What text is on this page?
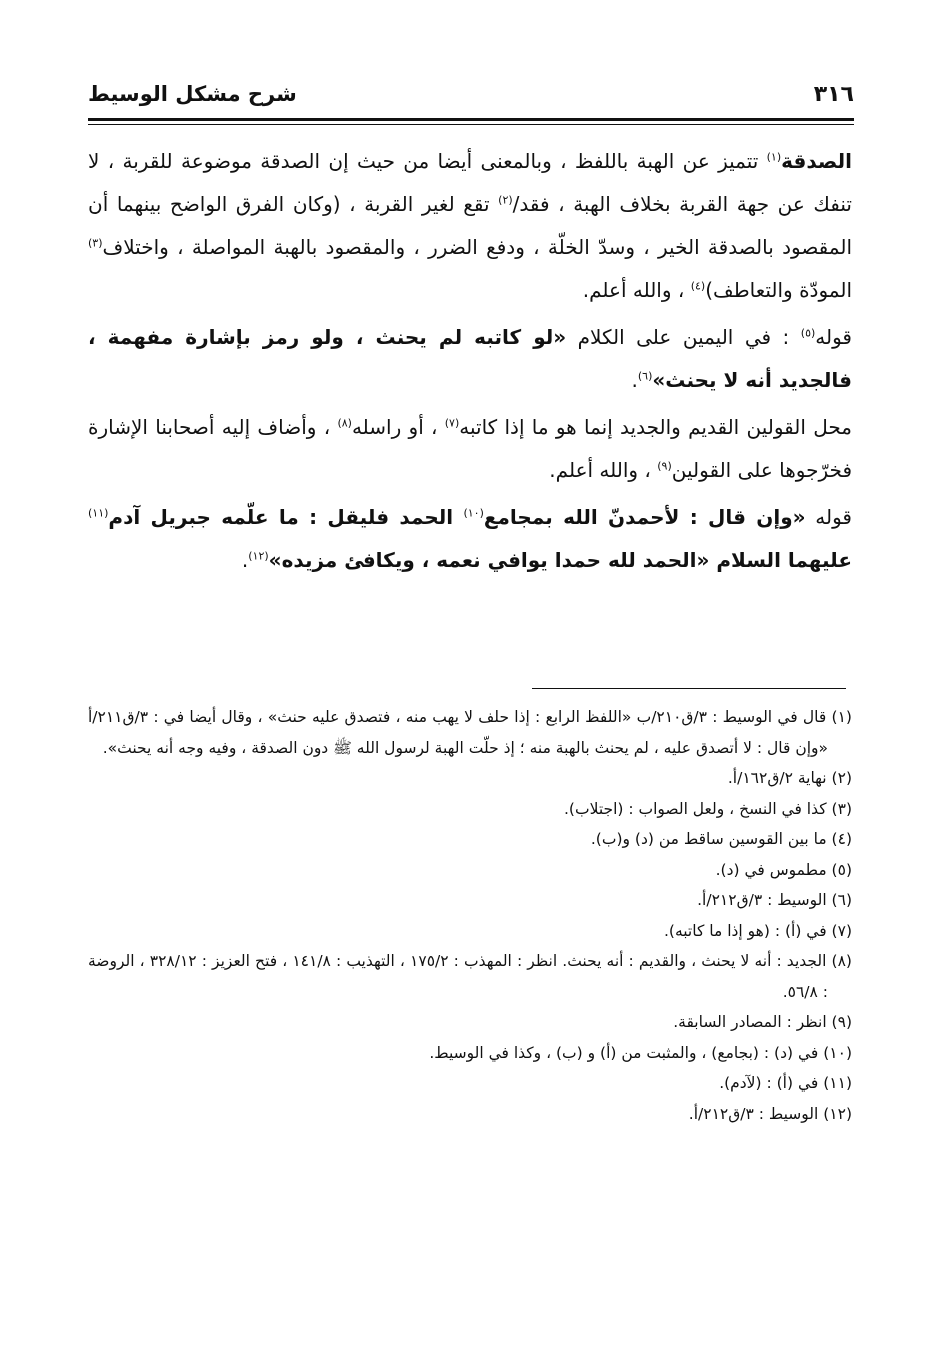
٣١٦
شرح مشكل الوسيط

الصدقة$^{(١)}$ تتميز عن الهبة باللفظ ، وبالمعنى أيضا من حيث إن الصدقة موضوعة للقربة ، لا تنفك عن جهة القربة بخلاف الهبة ، فقد/$^{(٢)}$ تقع لغير القربة ، (وكان الفرق الواضح بينهما أن المقصود بالصدقة الخير ، وسدّ الخلّة ، ودفع الضرر ، والمقصود بالهبة المواصلة ، واختلاف$^{(٣)}$ المودّة والتعاطف)$^{(٤)}$ ، والله أعلم.

قوله$^{(٥)}$ : في اليمين على الكلام «لو كاتبه لم يحنث ، ولو رمز بإشارة مفهمة ، فالجديد أنه لا يحنث»$^{(٦)}$.

محل القولين القديم والجديد إنما هو ما إذا كاتبه$^{(٧)}$ ، أو راسله$^{(٨)}$ ، وأضاف إليه أصحابنا الإشارة فخرّجوها على القولين$^{(٩)}$ ، والله أعلم.

قوله «وإن قال : لأحمدنّ الله بمجامع$^{(١٠)}$ الحمد فليقل : ما علّمه جبريل آدم$^{(١١)}$ عليهما السلام «الحمد لله حمدا يوافي نعمه ، ويكافئ مزيده»$^{(١٢)}$.

(١) قال في الوسيط : ٣/ق٢١٠/ب «اللفظ الرابع : إذا حلف لا يهب منه ، فتصدق عليه حنث» ، وقال أيضا في : ٣/ق٢١١/أ «وإن قال : لا أتصدق عليه ، لم يحنث بالهبة منه ؛ إذ حلّت الهبة لرسول الله ﷺ دون الصدقة ، وفيه وجه أنه يحنث».
(٢) نهاية ٢/ق١٦٢/أ.
(٣) كذا في النسخ ، ولعل الصواب : (اجتلاب).
(٤) ما بين القوسين ساقط من (د) و(ب).
(٥) مطموس في (د).
(٦) الوسيط : ٣/ق٢١٢/أ.
(٧) في (أ) : (هو إذا ما كاتبه).
(٨) الجديد : أنه لا يحنث ، والقديم : أنه يحنث. انظر : المهذب : ١٧٥/٢ ، التهذيب : ١٤١/٨ ، فتح العزيز : ٣٢٨/١٢ ، الروضة : ٥٦/٨.
(٩) انظر : المصادر السابقة.
(١٠) في (د) : (بجامع) ، والمثبت من (أ) و (ب) ، وكذا في الوسيط.
(١١) في (أ) : (لآدم).
(١٢) الوسيط : ٣/ق٢١٢/أ.
